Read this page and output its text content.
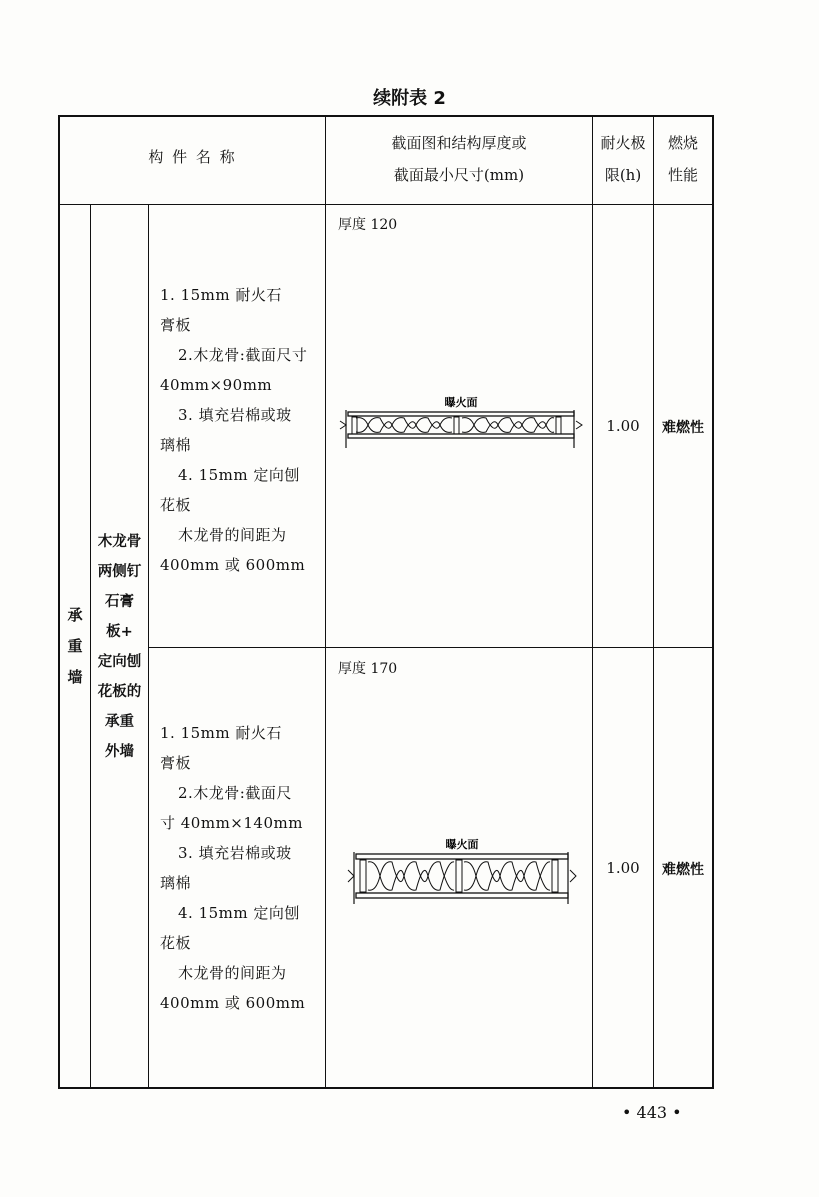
续附表 2
构 件 名 称
截面图和结构厚度或
截面最小尺寸(mm)
耐火极
限(h)
燃烧
性能
承
重
墙
木龙骨
两侧钉
石膏
板+
定向刨
花板的
承重
外墙
1. 15mm 耐火石
膏板
2.木龙骨:截面尺寸
40mm×90mm
3. 填充岩棉或玻
璃棉
4. 15mm 定向刨
花板
木龙骨的间距为
400mm 或 600mm
厚度 120
曝火面
1.00	难燃性
1. 15mm 耐火石
膏板
2.木龙骨:截面尺
寸 40mm×140mm
3. 填充岩棉或玻
璃棉
4. 15mm 定向刨
花板
木龙骨的间距为
400mm 或 600mm
厚度 170
曝火面
1.00	难燃性
• 443 •
